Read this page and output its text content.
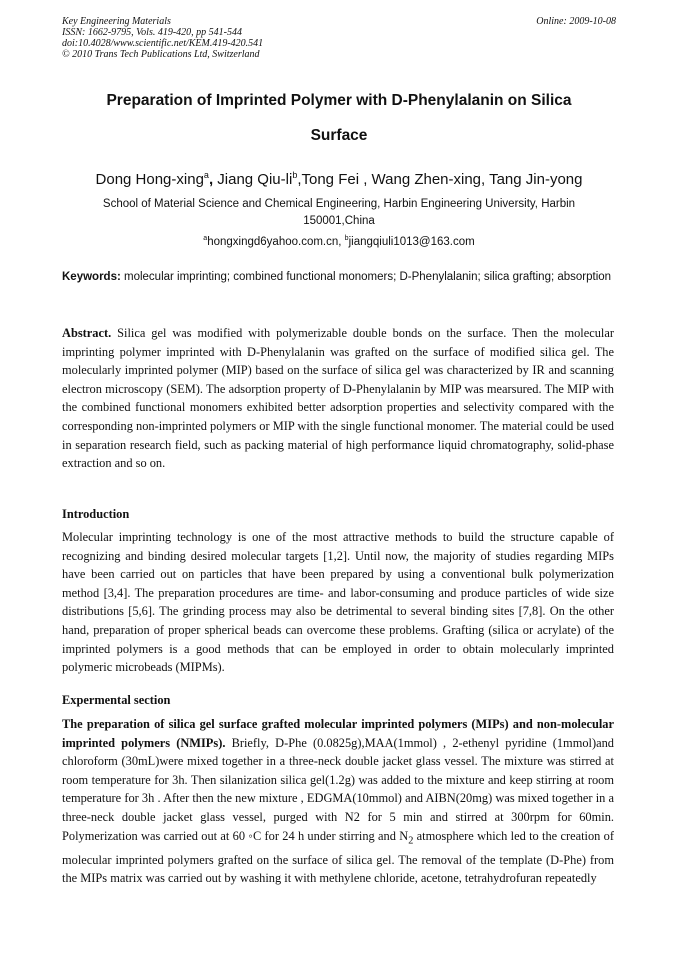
Key Engineering Materials
ISSN: 1662-9795, Vols. 419-420, pp 541-544
doi:10.4028/www.scientific.net/KEM.419-420.541
© 2010 Trans Tech Publications Ltd, Switzerland
Online: 2009-10-08
Preparation of Imprinted Polymer with D-Phenylalanin on Silica
Surface
Dong Hong-xing$^a$, Jiang Qiu-$li^b,Tong$ Fei , Wang Zhen-xing, Tang Jin-yong
School of Material Science and Chemical Engineering, Harbin Engineering University, Harbin
150001,China
$^a$hongxingd6yahoo.com.cn, $^b$jiangqiuli1013@163.com
Keywords: molecular imprinting; combined functional monomers; D-Phenylalanin; silica grafting; absorption
Abstract. Silica gel was modified with polymerizable double bonds on the surface. Then the molecular imprinting polymer imprinted with D-Phenylalanin was grafted on the surface of modified silica gel. The molecularly imprinted polymer (MIP) based on the surface of silica gel was characterized by IR and scanning electron microscopy (SEM). The adsorption property of D-Phenylalanin by MIP was mearsured. The MIP with the combined functional monomers exhibited better adsorption properties and selectivity compared with the corresponding non-imprinted polymers or MIP with the single functional monomer. The material could be used in separation research field, such as packing material of high performance liquid chromatography, solid-phase extraction and so on.
Introduction
Molecular imprinting technology is one of the most attractive methods to build the structure capable of recognizing and binding desired molecular targets [1,2]. Until now, the majority of studies regarding MIPs have been carried out on particles that have been prepared by using a conventional bulk polymerization method [3,4]. The preparation procedures are time- and labor-consuming and produce particles of wide size distributions [5,6]. The grinding process may also be detrimental to several binding sites [7,8]. On the other hand, preparation of proper spherical beads can overcome these problems. Grafting (silica or acrylate) of the imprinted polymers is a good methods that can be employed in order to obtain molecularly imprinted polymeric microbeads (MIPMs).
Expermental section
The preparation of silica gel surface grafted molecular imprinted polymers (MIPs) and non-molecular imprinted polymers (NMIPs). Briefly, D-Phe (0.0825g),MAA(1mmol) , 2-ethenyl pyridine (1mmol)and chloroform (30mL)were mixed together in a three-neck double jacket glass vessel. The mixture was stirred at room temperature for 3h. Then silanization silica gel(1.2g) was added to the mixture and keep stirring at room temperature for 3h . After then the new mixture , EDGMA(10mmol) and AIBN(20mg) was mixed together in a three-neck double jacket glass vessel, purged with N2 for 5 min and stirred at 300rpm for 60min. Polymerization was carried out at 60 ◦C for 24 h under stirring and $N_2$ atmosphere which led to the creation of molecular imprinted polymers grafted on the surface of silica gel. The removal of the template (D-Phe) from the MIPs matrix was carried out by washing it with methylene chloride, acetone, tetrahydrofuran repeatedly
